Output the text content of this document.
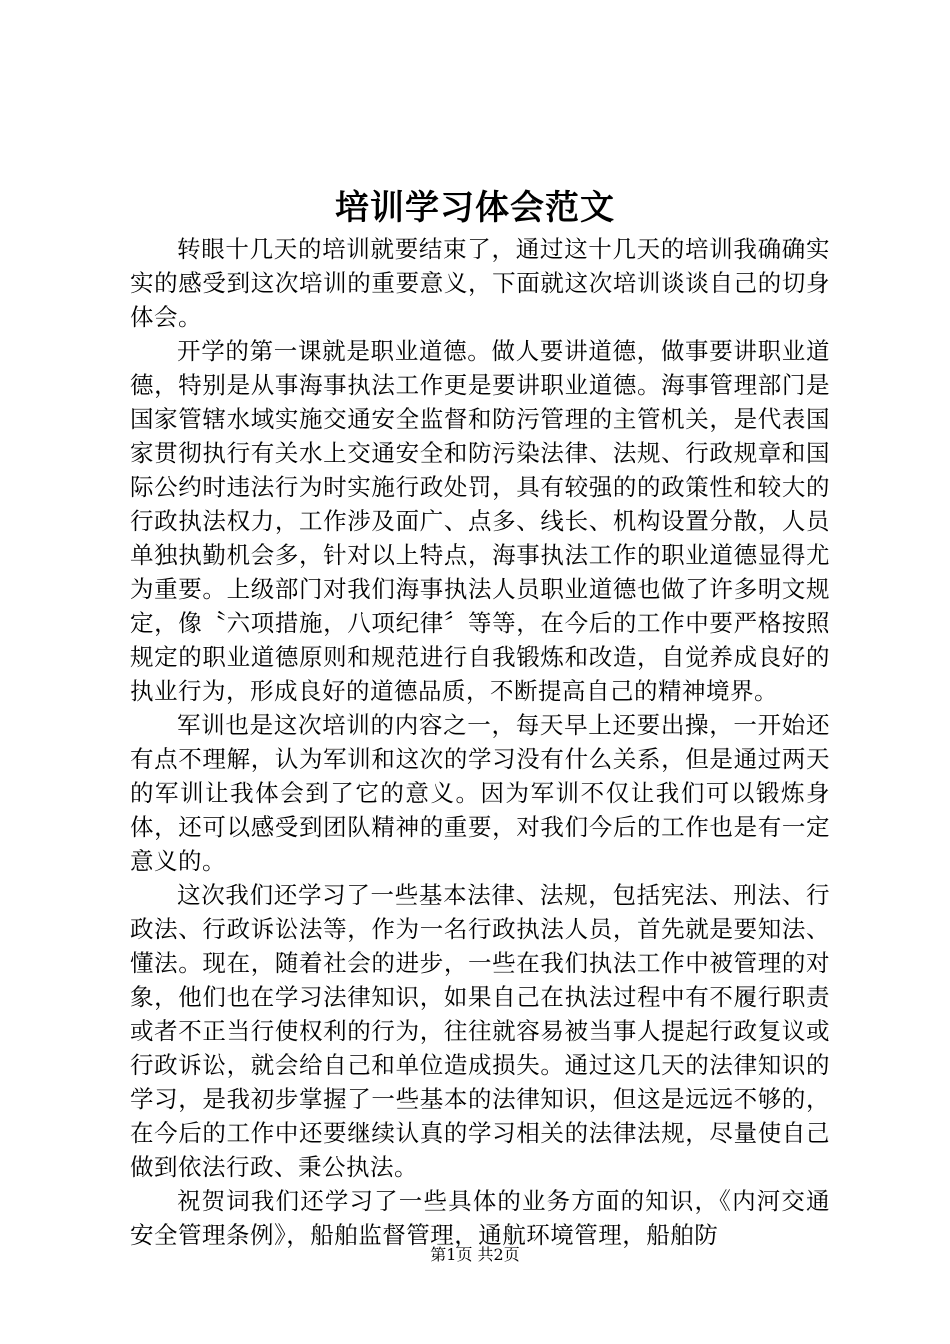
培训学习体会范文

转眼十几天的培训就要结束了，通过这十几天的培训我确确实实的感受到这次培训的重要意义，下面就这次培训谈谈自己的切身体会。

开学的第一课就是职业道德。做人要讲道德，做事要讲职业道德，特别是从事海事执法工作更是要讲职业道德。海事管理部门是国家管辖水域实施交通安全监督和防污管理的主管机关，是代表国家贯彻执行有关水上交通安全和防污染法律、法规、行政规章和国际公约时违法行为时实施行政处罚，具有较强的的政策性和较大的行政执法权力，工作涉及面广、点多、线长、机构设置分散，人员单独执勤机会多，针对以上特点，海事执法工作的职业道德显得尤为重要。上级部门对我们海事执法人员职业道德也做了许多明文规定，像〝六项措施，八项纪律〞等等，在今后的工作中要严格按照规定的职业道德原则和规范进行自我锻炼和改造，自觉养成良好的执业行为，形成良好的道德品质，不断提高自己的精神境界。

军训也是这次培训的内容之一，每天早上还要出操，一开始还有点不理解，认为军训和这次的学习没有什么关系，但是通过两天的军训让我体会到了它的意义。因为军训不仅让我们可以锻炼身体，还可以感受到团队精神的重要，对我们今后的工作也是有一定意义的。

这次我们还学习了一些基本法律、法规，包括宪法、刑法、行政法、行政诉讼法等，作为一名行政执法人员，首先就是要知法、懂法。现在，随着社会的进步，一些在我们执法工作中被管理的对象，他们也在学习法律知识，如果自己在执法过程中有不履行职责或者不正当行使权利的行为，往往就容易被当事人提起行政复议或行政诉讼，就会给自己和单位造成损失。通过这几天的法律知识的学习，是我初步掌握了一些基本的法律知识，但这是远远不够的，在今后的工作中还要继续认真的学习相关的法律法规，尽量使自己做到依法行政、秉公执法。

祝贺词我们还学习了一些具体的业务方面的知识，《内河交通安全管理条例》，船舶监督管理，通航环境管理，船舶防

第1页 共2页
